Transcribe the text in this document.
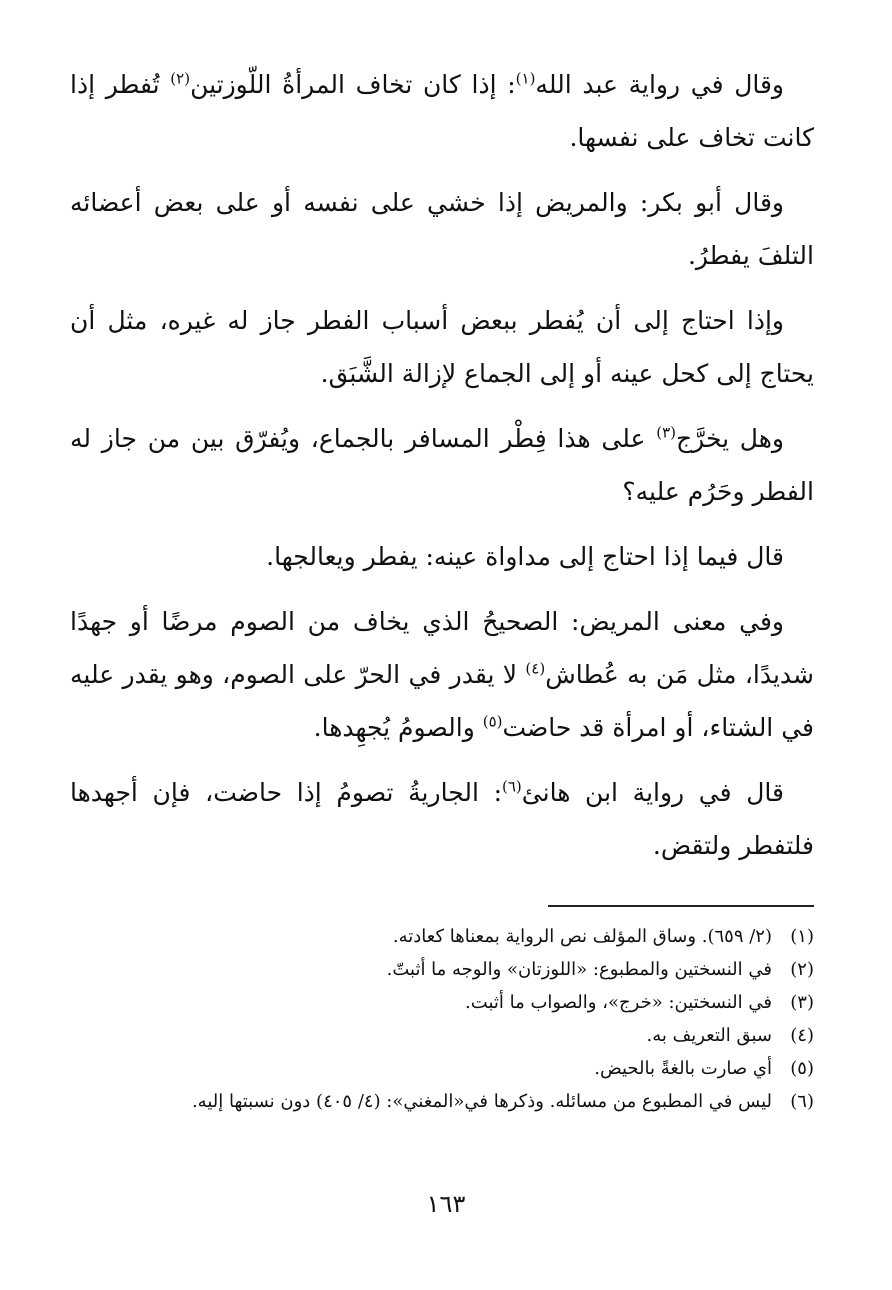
وقال في رواية عبد الله$^{(١)}$: إذا كان تخاف المرأةُ اللّوزتين$^{(٢)}$ تُفطر إذا كانت تخاف على نفسها.

وقال أبو بكر: والمريض إذا خشي على نفسه أو على بعض أعضائه التلفَ يفطرُ.

وإذا احتاج إلى أن يُفطر ببعض أسباب الفطر جاز له غيره، مثل أن يحتاج إلى كحل عينه أو إلى الجماع لإزالة الشَّبَق.

وهل يخرَّج$^{(٣)}$ على هذا فِطْر المسافر بالجماع، ويُفرّق بين من جاز له الفطر وحَرُم عليه؟

قال فيما إذا احتاج إلى مداواة عينه: يفطر ويعالجها.

وفي معنى المريض: الصحيحُ الذي يخاف من الصوم مرضًا أو جهدًا شديدًا، مثل مَن به عُطاش$^{(٤)}$ لا يقدر في الحرّ على الصوم، وهو يقدر عليه في الشتاء، أو امرأة قد حاضت$^{(٥)}$ والصومُ يُجهِدها.

قال في رواية ابن هانئ$^{(٦)}$: الجاريةُ تصومُ إذا حاضت، فإن أجهدها فلتفطر ولتقض.

(١)(٢/ ٦٥٩). وساق المؤلف نص الرواية بمعناها كعادته.

(٢)في النسختين والمطبوع: «اللوزتان» والوجه ما أثبتّ.

(٣)في النسختين: «خرج»، والصواب ما أثبت.

(٤)سبق التعريف به.

(٥)أي صارت بالغةً بالحيض.

(٦)ليس في المطبوع من مسائله. وذكرها في«المغني»: (٤/ ٤٠٥) دون نسبتها إليه.

١٦٣
